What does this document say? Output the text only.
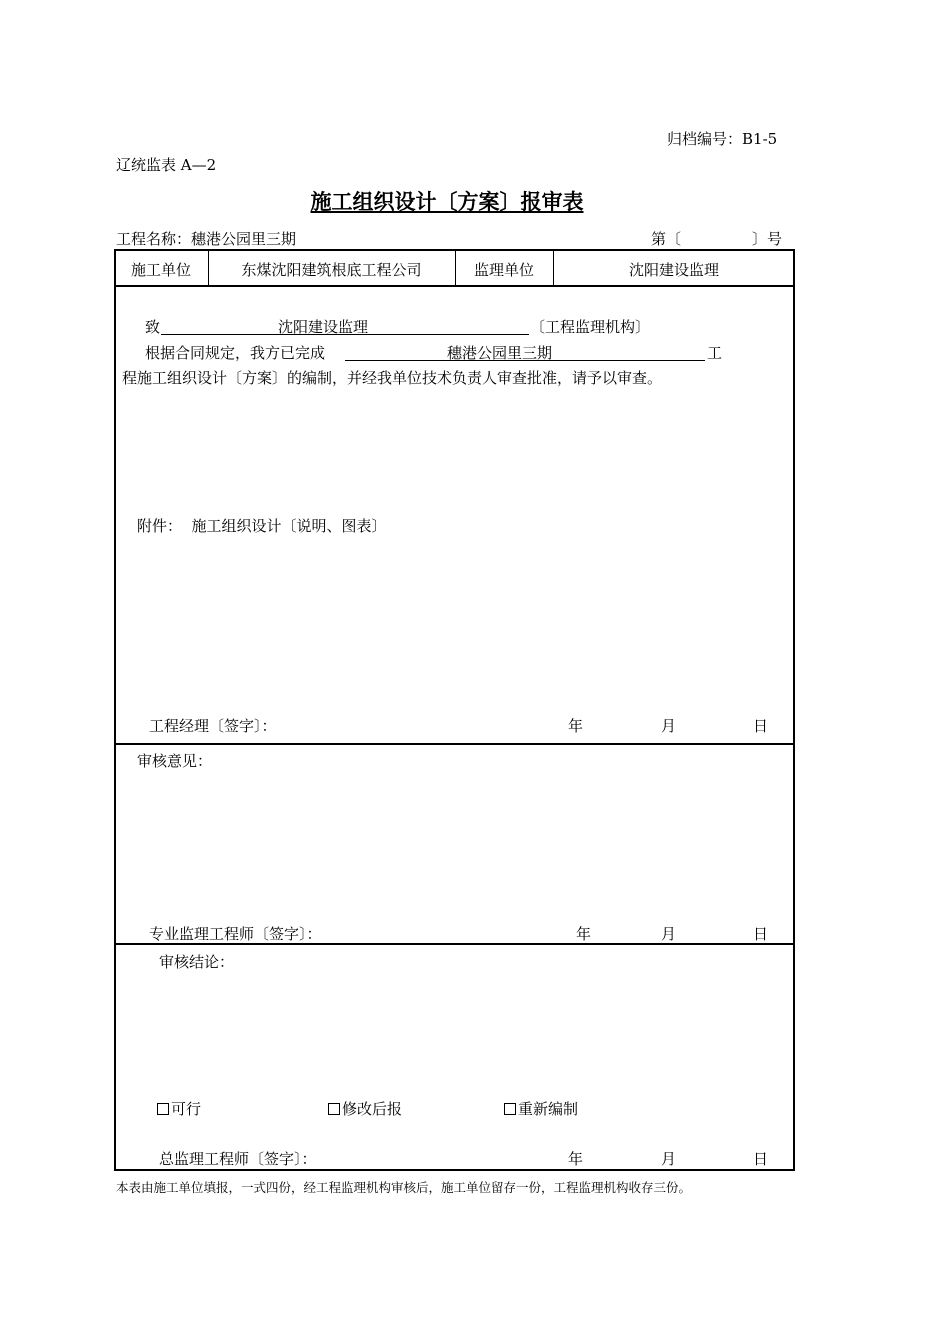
归档编号：B1-5
辽统监表 A—2
施工组织设计〔方案〕报审表
工程名称：穗港公园里三期	第〔	〕号
施工单位	东煤沈阳建筑根底工程公司	监理单位	沈阳建设监理
致	沈阳建设监理	〔工程监理机构〕
根据合同规定，我方已完成	穗港公园里三期	工
程施工组织设计〔方案〕的编制，并经我单位技术负责人审查批准，请予以审查。
附件：  施工组织设计〔说明、图表〕
工程经理〔签字〕：	年	月	日
审核意见：
专业监理工程师〔签字〕：	年	月	日
审核结论：
可行	修改后报	重新编制
总监理工程师〔签字〕：	年	月	日
本表由施工单位填报，一式四份，经工程监理机构审核后，施工单位留存一份，工程监理机构收存三份。
